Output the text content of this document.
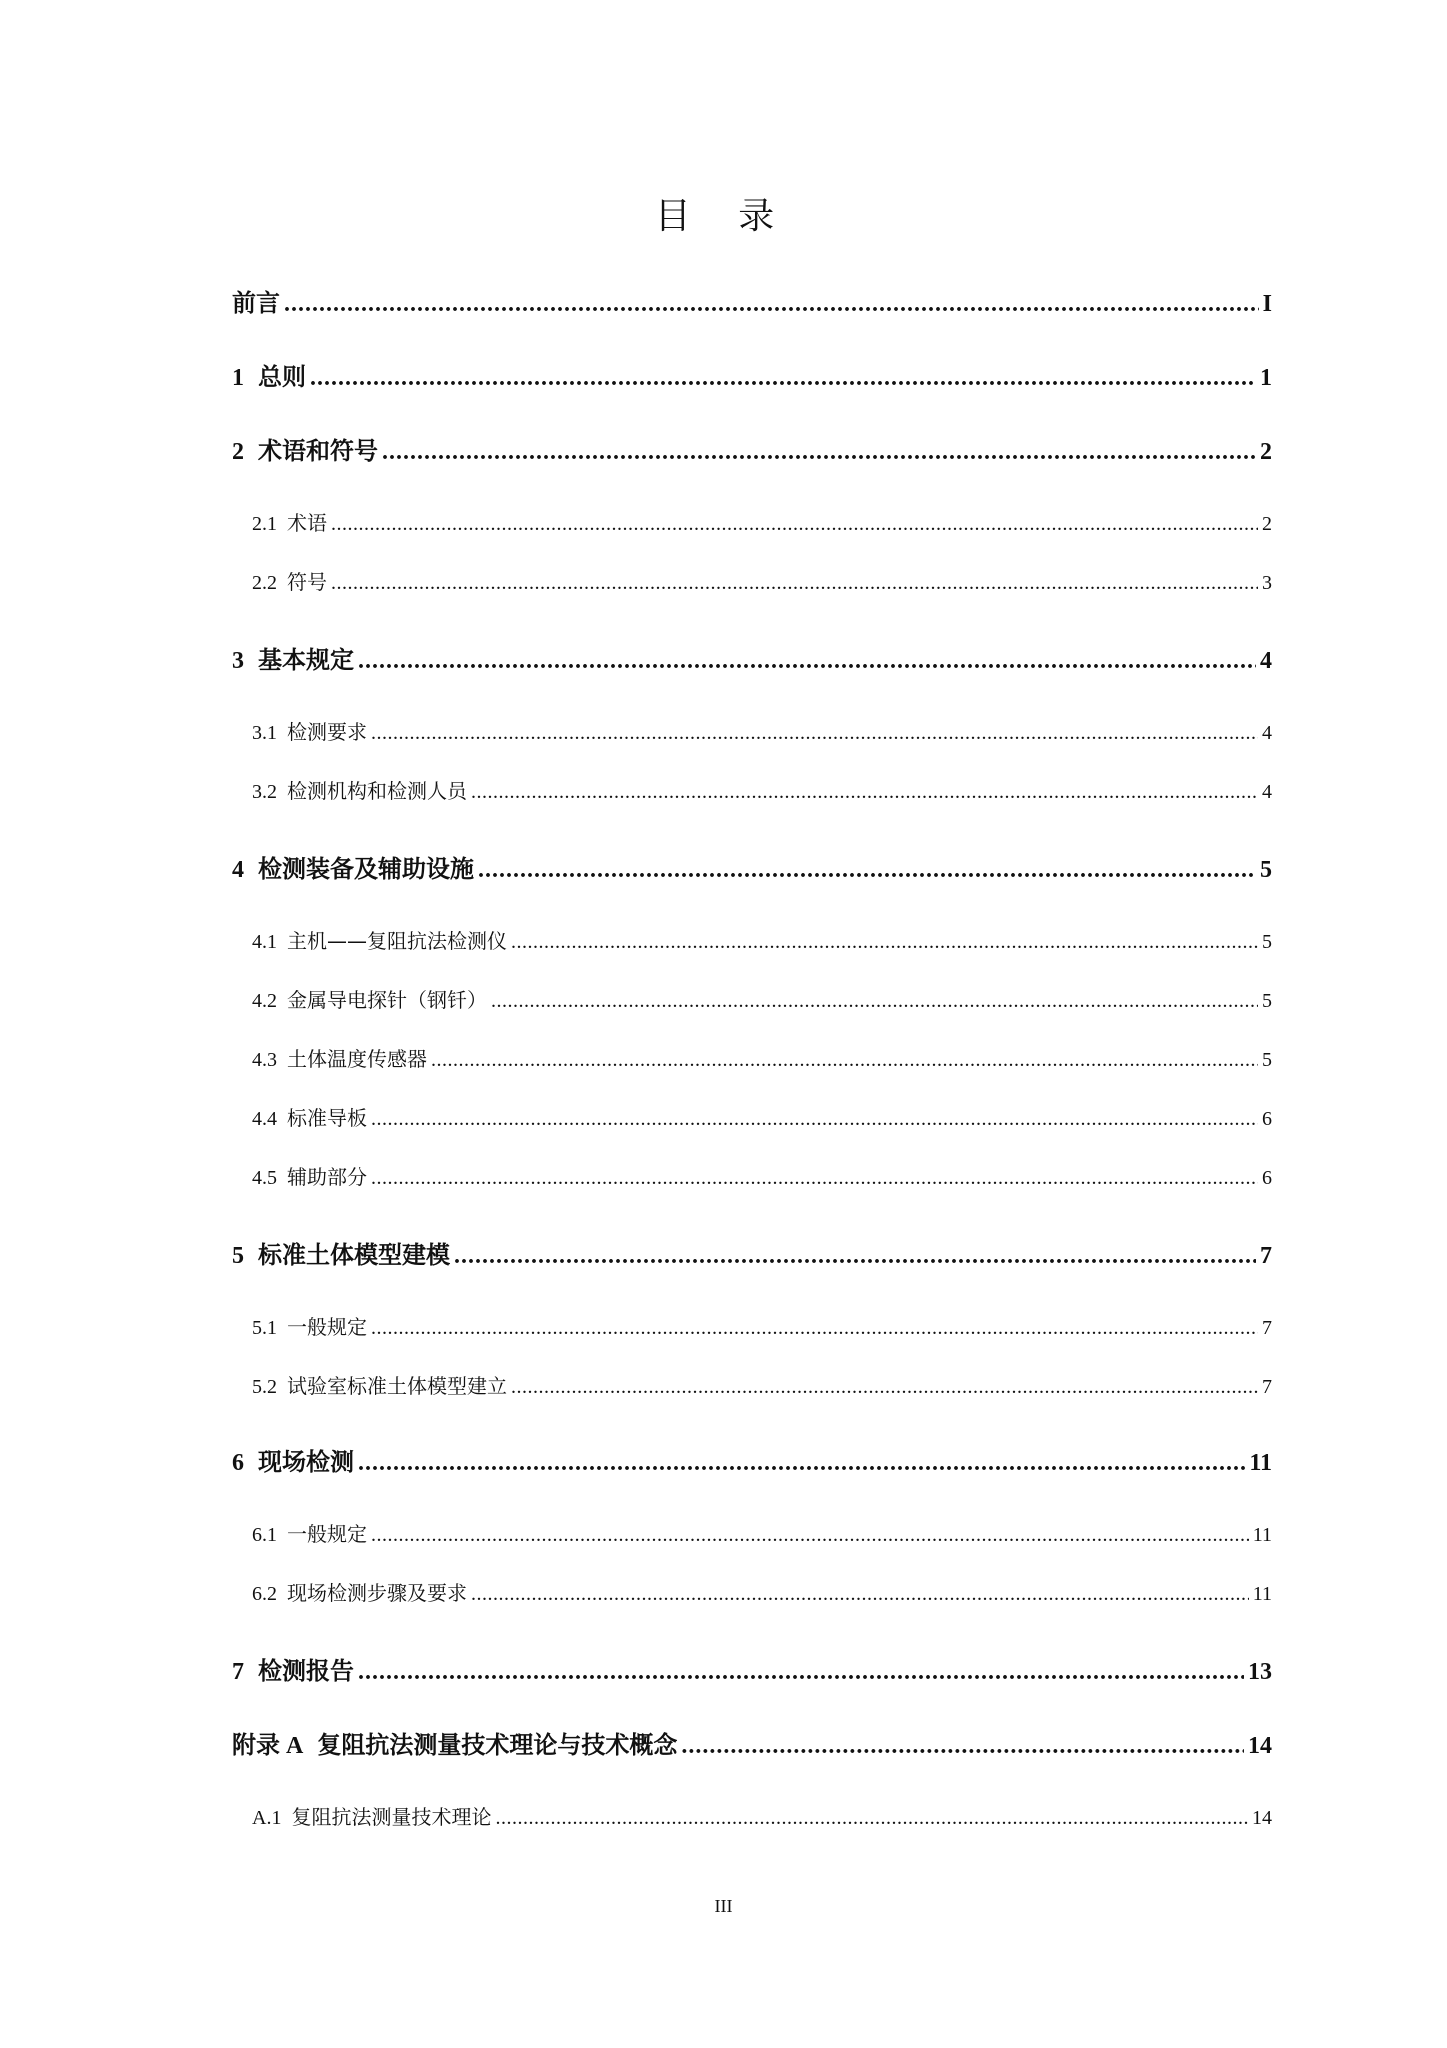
目 录
前言 .....	I
1 总则 .....	1
2 术语和符号 .....	2
2.1 术语 .....	2
2.2 符号 .....	3
3 基本规定 .....	4
3.1 检测要求 .....	4
3.2 检测机构和检测人员 .....	4
4 检测装备及辅助设施 .....	5
4.1 主机——复阻抗法检测仪 .....	5
4.2 金属导电探针（钢钎） .....	5
4.3 土体温度传感器 .....	5
4.4 标准导板 .....	6
4.5 辅助部分 .....	6
5 标准土体模型建模 .....	7
5.1 一般规定 .....	7
5.2 试验室标准土体模型建立 .....	7
6 现场检测 .....	11
6.1 一般规定 .....	11
6.2 现场检测步骤及要求 .....	11
7 检测报告 .....	13
附录 A 复阻抗法测量技术理论与技术概念 .....	14
A.1 复阻抗法测量技术理论 .....	14
III
